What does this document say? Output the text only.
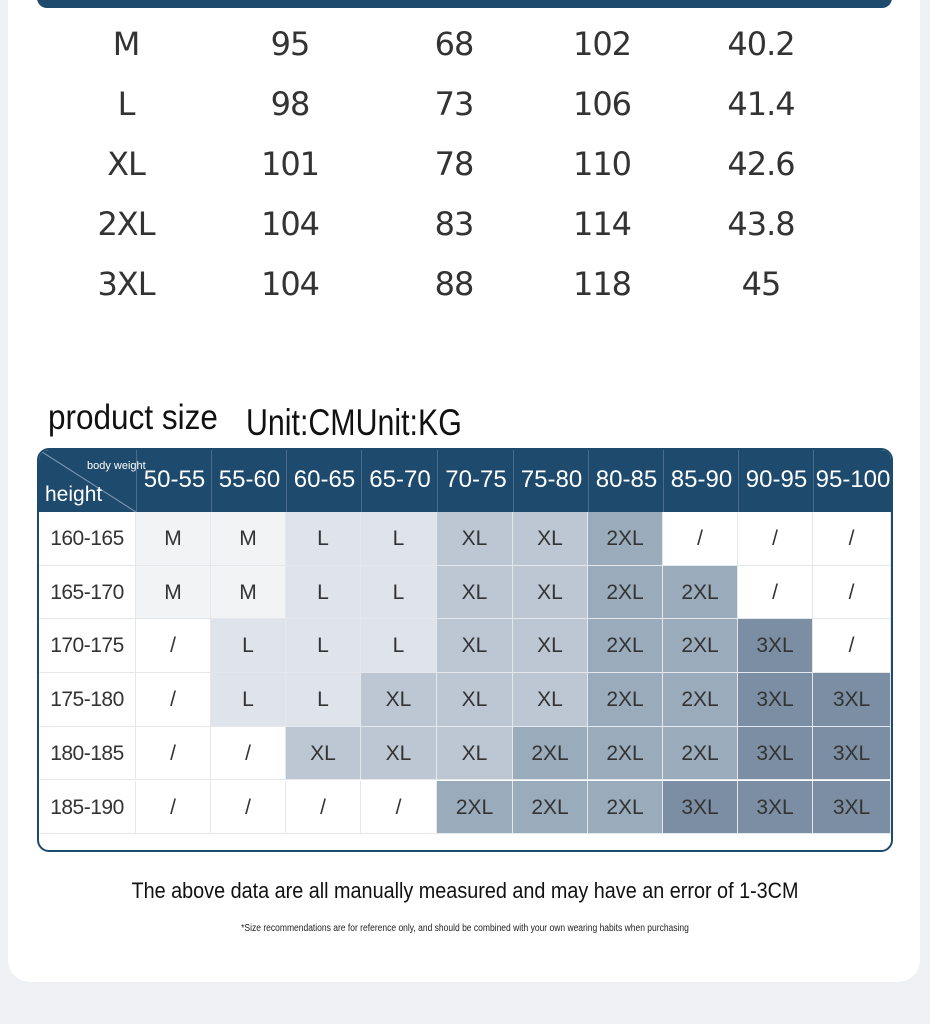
M	95	68	102	40.2
L	98	73	106	41.4
XL	101	78	110	42.6
2XL	104	83	114	43.8
3XL	104	88	118	45
product size Unit:CMUnit:KG
body weight
height
50-55 55-60 60-65 65-70 70-75 75-80 80-85 85-90 90-95 95-100
160-165	M	M	L	L	XL	XL	2XL	/	/	/
165-170	M	M	L	L	XL	XL	2XL	2XL	/	/
170-175	/	L	L	L	XL	XL	2XL	2XL	3XL	/
175-180	/	L	L	XL	XL	XL	2XL	2XL	3XL	3XL
180-185	/	/	XL	XL	XL	2XL	2XL	2XL	3XL	3XL
185-190	/	/	/	/	2XL	2XL	2XL	3XL	3XL	3XL
The above data are all manually measured and may have an error of 1-3CM
*Size recommendations are for reference only, and should be combined with your own wearing habits when purchasing
